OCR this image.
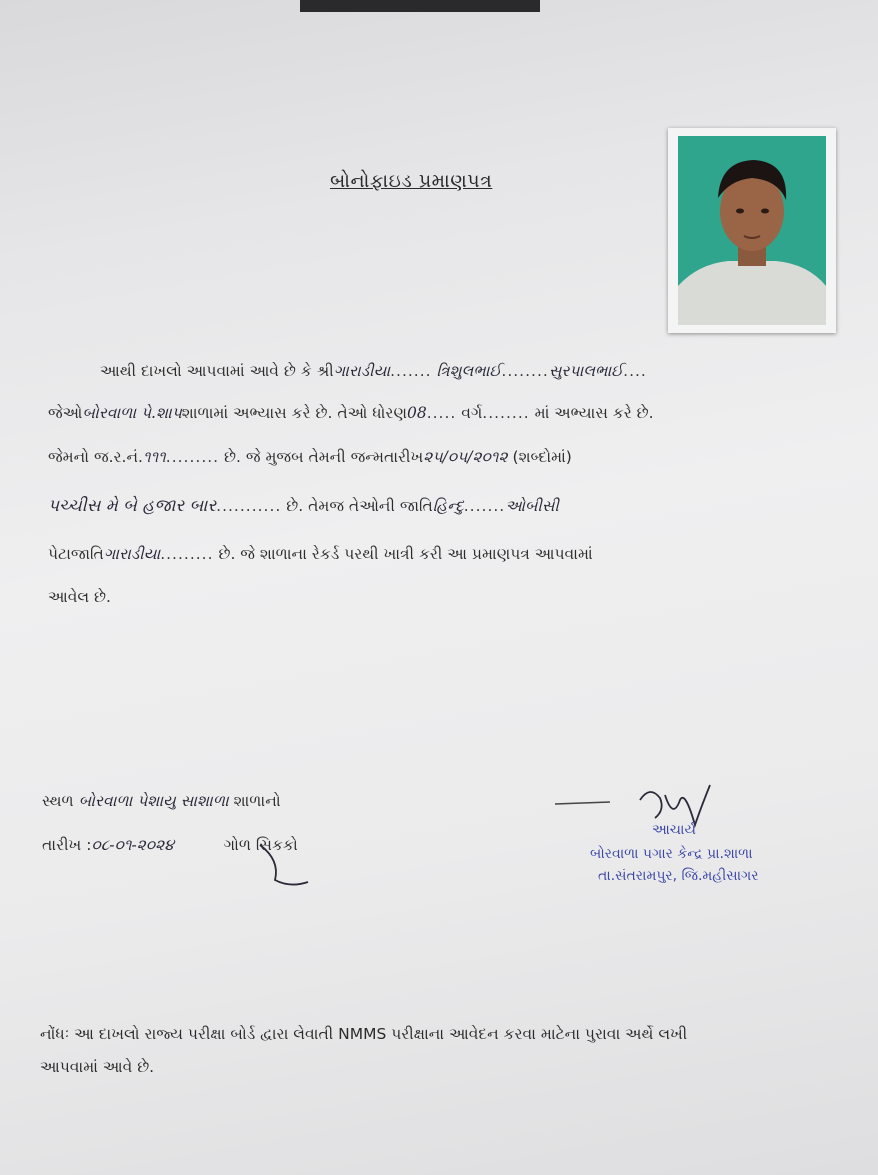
બોનોફાઇડ પ્રમાણપત્ર
આથી દાખલો આપવામાં આવે છે કે શ્રીગારાડીયા....... ત્રિશુલભાઈ........સુરપાલભાઈ....
જેઓબોરવાળા પે.શાપશાળામાં અભ્યાસ કરે છે. તેઓ ધોરણ08..... વર્ગ........ માં અભ્યાસ કરે છે.
જેમનો જ.ર.નં.૧૧૧......... છે. જે મુજબ તેમની જન્મતારીખ૨૫/૦૫/૨૦૧૨ (શબ્દોમાં)
પચ્ચીસ મે બે હજાર બાર........... છે. તેમજ તેઓની જાતિહિન્દુ.......ઓબીસી
પેટાજાતિગારાડીયા......... છે. જે શાળાના રેકર્ડ પરથી ખાત્રી કરી આ પ્રમાણપત્ર આપવામાં
આવેલ છે.
સ્થળ બોરવાળા પેશાયુ સાશાળા શાળાનો
તારીખ :૦૮-૦૧-૨૦૨૪	ગોળ સિકકો
આચાર્ય
બોરવાળા પગાર કેન્દ્ર પ્રા.શાળા
તા.સંતરામપુર, જિ.મહીસાગર
નોંધઃ આ દાખલો રાજ્ય પરીક્ષા બોર્ડ દ્વારા લેવાતી NMMS પરીક્ષાના આવેદન કરવા માટેના પુરાવા અર્થે લખી
આપવામાં આવે છે.
